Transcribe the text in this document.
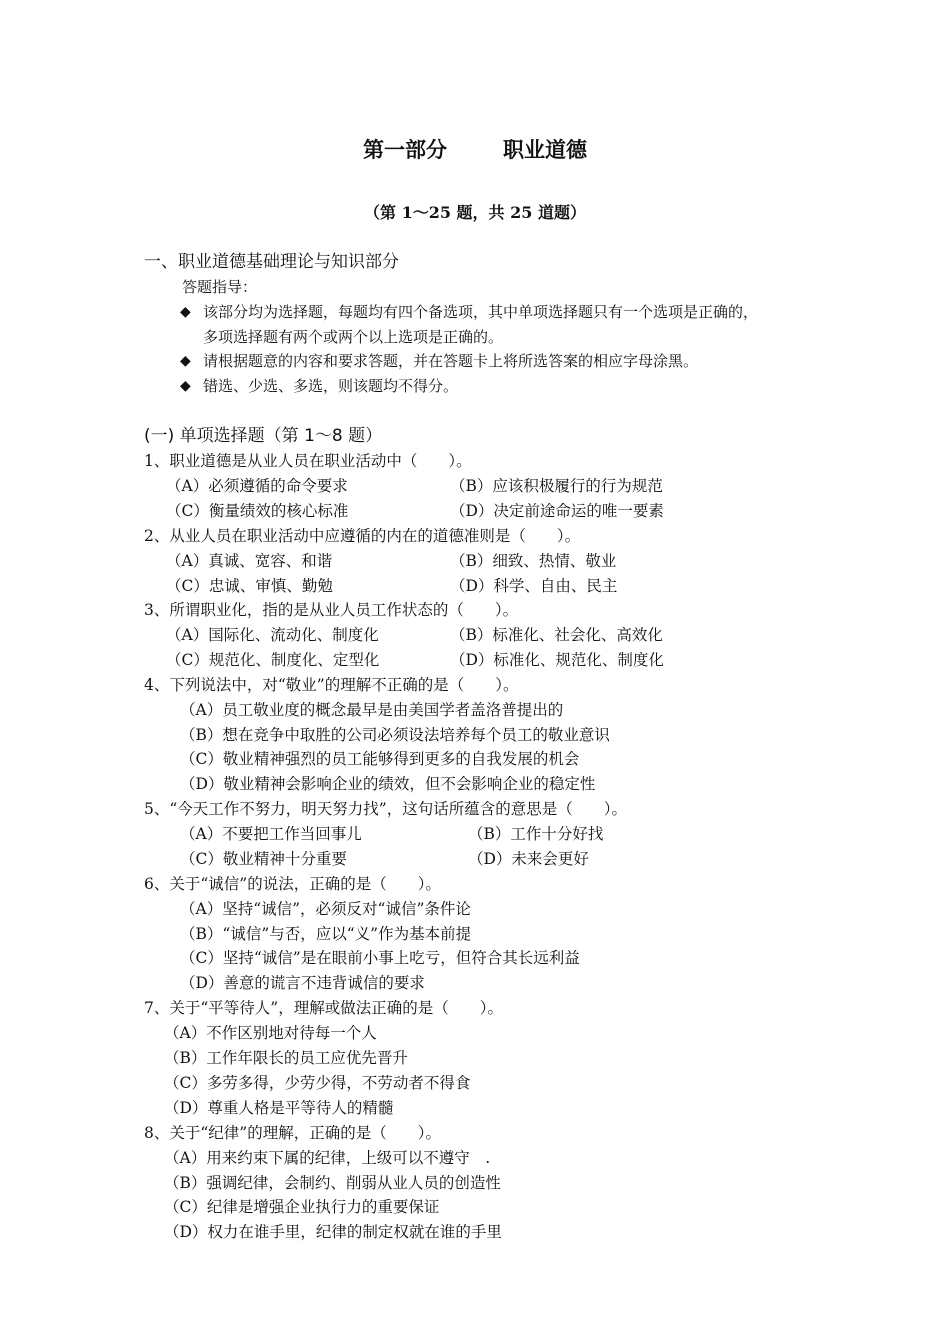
第一部分	职业道德
（第 1～25 题，共 25 道题）
一、职业道德基础理论与知识部分
答题指导：
◆ 该部分均为选择题，每题均有四个备选项，其中单项选择题只有一个选项是正确的，
多项选择题有两个或两个以上选项是正确的。
◆ 请根据题意的内容和要求答题，并在答题卡上将所选答案的相应字母涂黑。
◆ 错选、少选、多选，则该题均不得分。
(一) 单项选择题（第 1～8 题）
1、职业道德是从业人员在职业活动中（　　）。
（A）必须遵循的命令要求	（B）应该积极履行的行为规范
（C）衡量绩效的核心标准	（D）决定前途命运的唯一要素
2、从业人员在职业活动中应遵循的内在的道德准则是（　　）。
（A）真诚、宽容、和谐	（B）细致、热情、敬业
（C）忠诚、审慎、勤勉	（D）科学、自由、民主
3、所谓职业化，指的是从业人员工作状态的（　　）。
（A）国际化、流动化、制度化	（B）标准化、社会化、高效化
（C）规范化、制度化、定型化	（D）标准化、规范化、制度化
4、下列说法中，对“敬业”的理解不正确的是（　　）。
（A）员工敬业度的概念最早是由美国学者盖洛普提出的
（B）想在竞争中取胜的公司必须设法培养每个员工的敬业意识
（C）敬业精神强烈的员工能够得到更多的自我发展的机会
（D）敬业精神会影响企业的绩效，但不会影响企业的稳定性
5、“今天工作不努力，明天努力找”，这句话所蕴含的意思是（　　）。
（A）不要把工作当回事儿	（B）工作十分好找
（C）敬业精神十分重要	（D）未来会更好
6、关于“诚信”的说法，正确的是（　　）。
（A）坚持“诚信”，必须反对“诚信”条件论
（B）“诚信”与否，应以“义”作为基本前提
（C）坚持“诚信”是在眼前小事上吃亏，但符合其长远利益
（D）善意的谎言不违背诚信的要求
7、关于“平等待人”，理解或做法正确的是（　　）。
（A）不作区别地对待每一个人
（B）工作年限长的员工应优先晋升
（C）多劳多得，少劳少得，不劳动者不得食
（D）尊重人格是平等待人的精髓
8、关于“纪律”的理解，正确的是（　　）。
（A）用来约束下属的纪律，上级可以不遵守　.
（B）强调纪律，会制约、削弱从业人员的创造性
（C）纪律是增强企业执行力的重要保证
（D）权力在谁手里，纪律的制定权就在谁的手里
